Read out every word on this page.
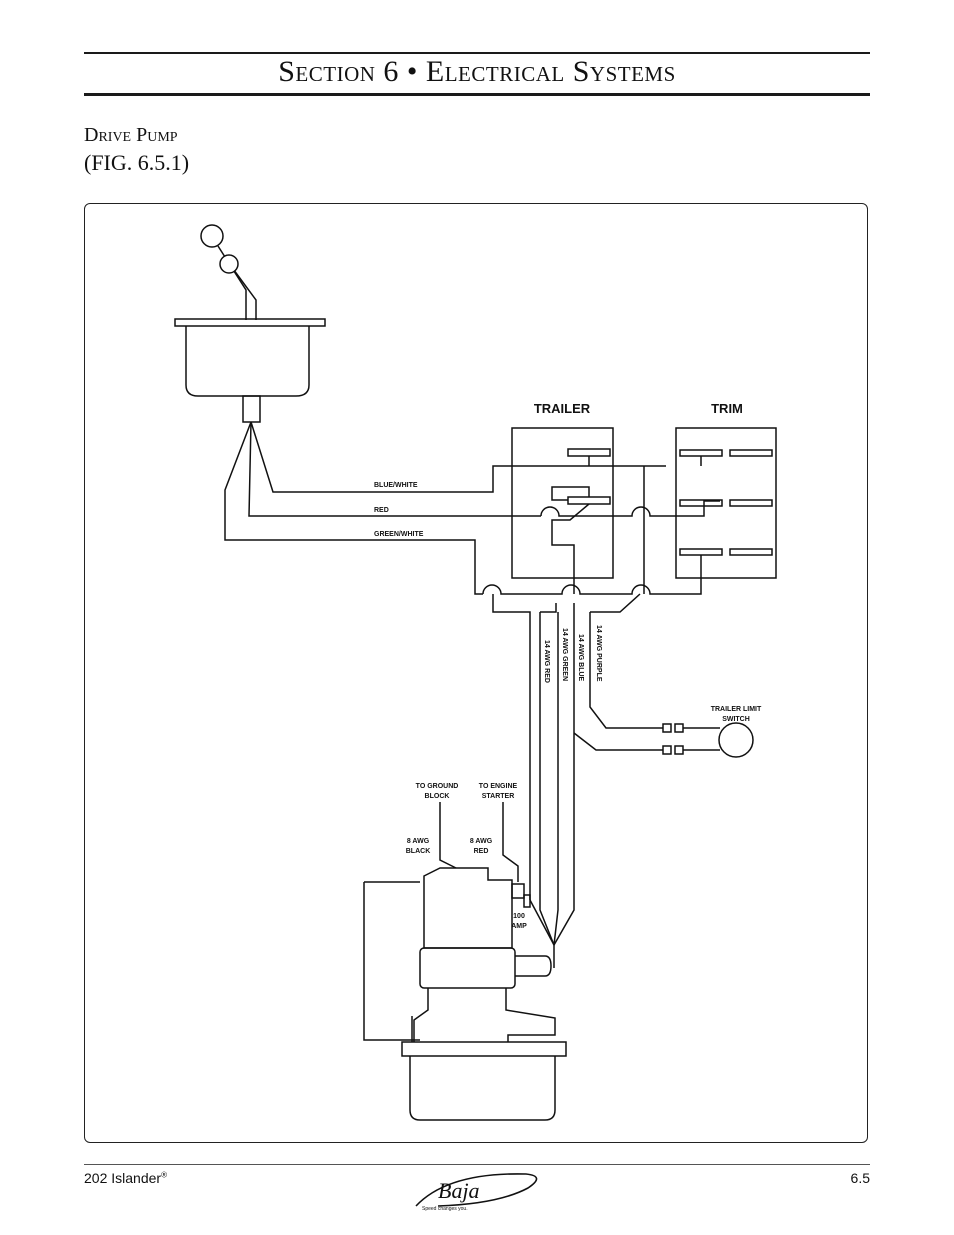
Section 6 • Electrical Systems
Drive Pump
(FIG. 6.5.1)
TRAILER	TRIM
BLUE/WHITE
RED
GREEN/WHITE
14 AWG RED 14 AWG GREEN 14 AWG BLUE 14 AWG PURPLE
TRAILER LIMIT
SWITCH
TO GROUND
BLOCK
TO ENGINE
STARTER
8 AWG
BLACK
8 AWG
RED
100
AMP
202 Islander®
Baja
Speed changes you.
6.5
